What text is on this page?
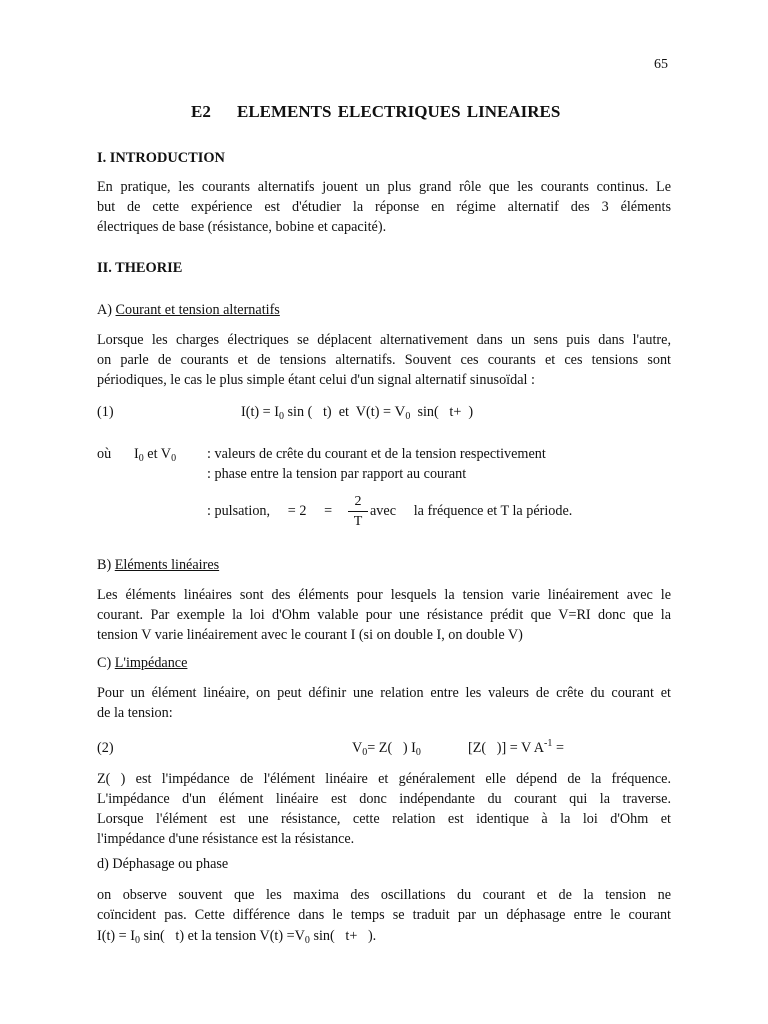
65
E2 ELEMENTS ELECTRIQUES LINEAIRES
I. INTRODUCTION
En pratique, les courants alternatifs jouent un plus grand rôle que les courants continus. Le
but de cette expérience est d'étudier la réponse en régime alternatif des 3 éléments
électriques de base (résistance, bobine et capacité).
II. THEORIE
A) Courant et tension alternatifs
Lorsque les charges électriques se déplacent alternativement dans un sens puis dans l'autre,
on parle de courants et de tensions alternatifs. Souvent ces courants et ces tensions sont
périodiques, le cas le plus simple étant celui d'un signal alternatif sinusoïdal :
(1)	$I(t) = I_0$ sin (   t)  et  $V(t) = V_0$  sin(   t+  )
où $I_0$ et $V_0$ : valeurs de crête du courant et de la tension respectivement
: phase entre la tension par rapport au courant
: pulsation,     = 2     =
2
T
avec     la fréquence et T la période.
B) Eléments linéaires
Les éléments linéaires sont des éléments pour lesquels la tension varie linéairement avec le
courant. Par exemple la loi d'Ohm valable pour une résistance prédit que V=RI donc que la
tension V varie linéairement avec le courant I (si on double I, on double V)
C) L'impédance
Pour un élément linéaire, on peut définir une relation entre les valeurs de crête du courant et
de la tension:
(2)	$V_0= Z$(   ) $I_0$	[Z(   )] = V $A^{-1}$ =
Z( ) est l'impédance de l'élément linéaire et généralement elle dépend de la fréquence.
L'impédance d'un élément linéaire est donc indépendante du courant qui la traverse.
Lorsque l'élément est une résistance, cette relation est identique à la loi d'Ohm et
l'impédance d'une résistance est la résistance.
d) Déphasage ou phase
on observe souvent que les maxima des oscillations du courant et de la tension ne
coïncident pas. Cette différence dans le temps se traduit par un déphasage entre le courant
$I(t) = I_0$ sin(   t) et la tension $V(t) =V_0$ sin(   t+   ).
